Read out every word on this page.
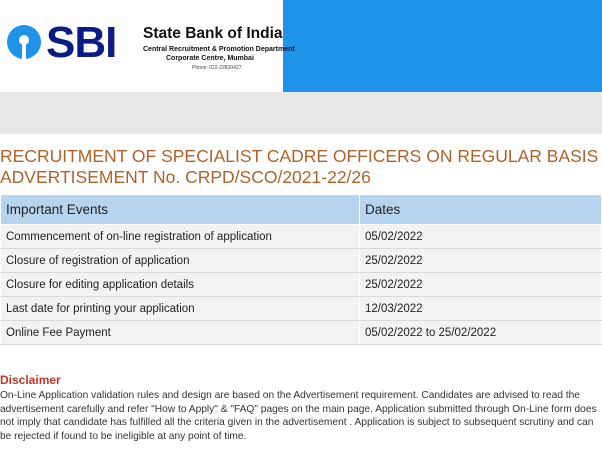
SBI State Bank of India
Central Recruitment & Promotion Department
Corporate Centre, Mumbai
Phone: 022-22820427
RECRUITMENT OF SPECIALIST CADRE OFFICERS ON REGULAR BASIS
ADVERTISEMENT No. CRPD/SCO/2021-22/26
Important Events	Dates
Commencement of on-line registration of application	05/02/2022
Closure of registration of application	25/02/2022
Closure for editing application details	25/02/2022
Last date for printing your application	12/03/2022
Online Fee Payment	05/02/2022 to 25/02/2022
Disclaimer
On-Line Application validation rules and design are based on the Advertisement requirement. Candidates are advised to read the advertisement carefully and refer "How to Apply" & "FAQ" pages on the main page. Application submitted through On-Line form does not imply that candidate has fulfilled all the criteria given in the advertisement . Application is subject to subsequent scrutiny and can be rejected if found to be ineligible at any point of time.
